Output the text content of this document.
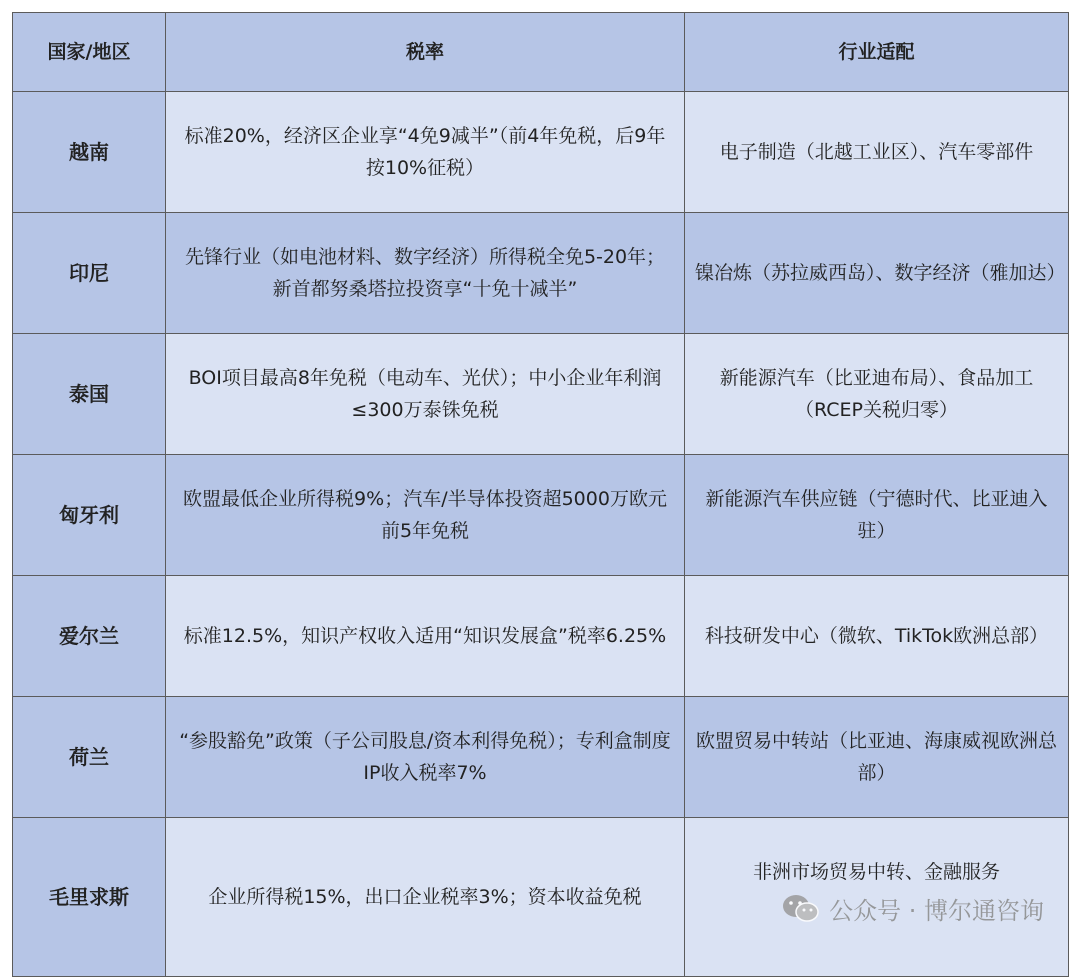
国家/地区	税率	行业适配
越南	标准20%，经济区企业享“4免9减半”（前4年免税，后9年按10%征税）	电子制造（北越工业区）、汽车零部件
印尼	先锋行业（如电池材料、数字经济）所得税全免5-20年；新首都努桑塔拉投资享“十免十减半”	镍冶炼（苏拉威西岛）、数字经济（雅加达）
泰国	BOI项目最高8年免税（电动车、光伏）；中小企业年利润≤300万泰铢免税	新能源汽车（比亚迪布局）、食品加工（RCEP关税归零）
匈牙利	欧盟最低企业所得税9%；汽车/半导体投资超5000万欧元前5年免税	新能源汽车供应链（宁德时代、比亚迪入驻）
爱尔兰	标准12.5%，知识产权收入适用“知识发展盒”税率6.25%	科技研发中心（微软、TikTok欧洲总部）
荷兰	“参股豁免”政策（子公司股息/资本利得免税）；专利盒制度IP收入税率7%	欧盟贸易中转站（比亚迪、海康威视欧洲总部）
毛里求斯	企业所得税15%，出口企业税率3%；资本收益免税	非洲市场贸易中转、金融服务
公众号 · 博尔通咨询
